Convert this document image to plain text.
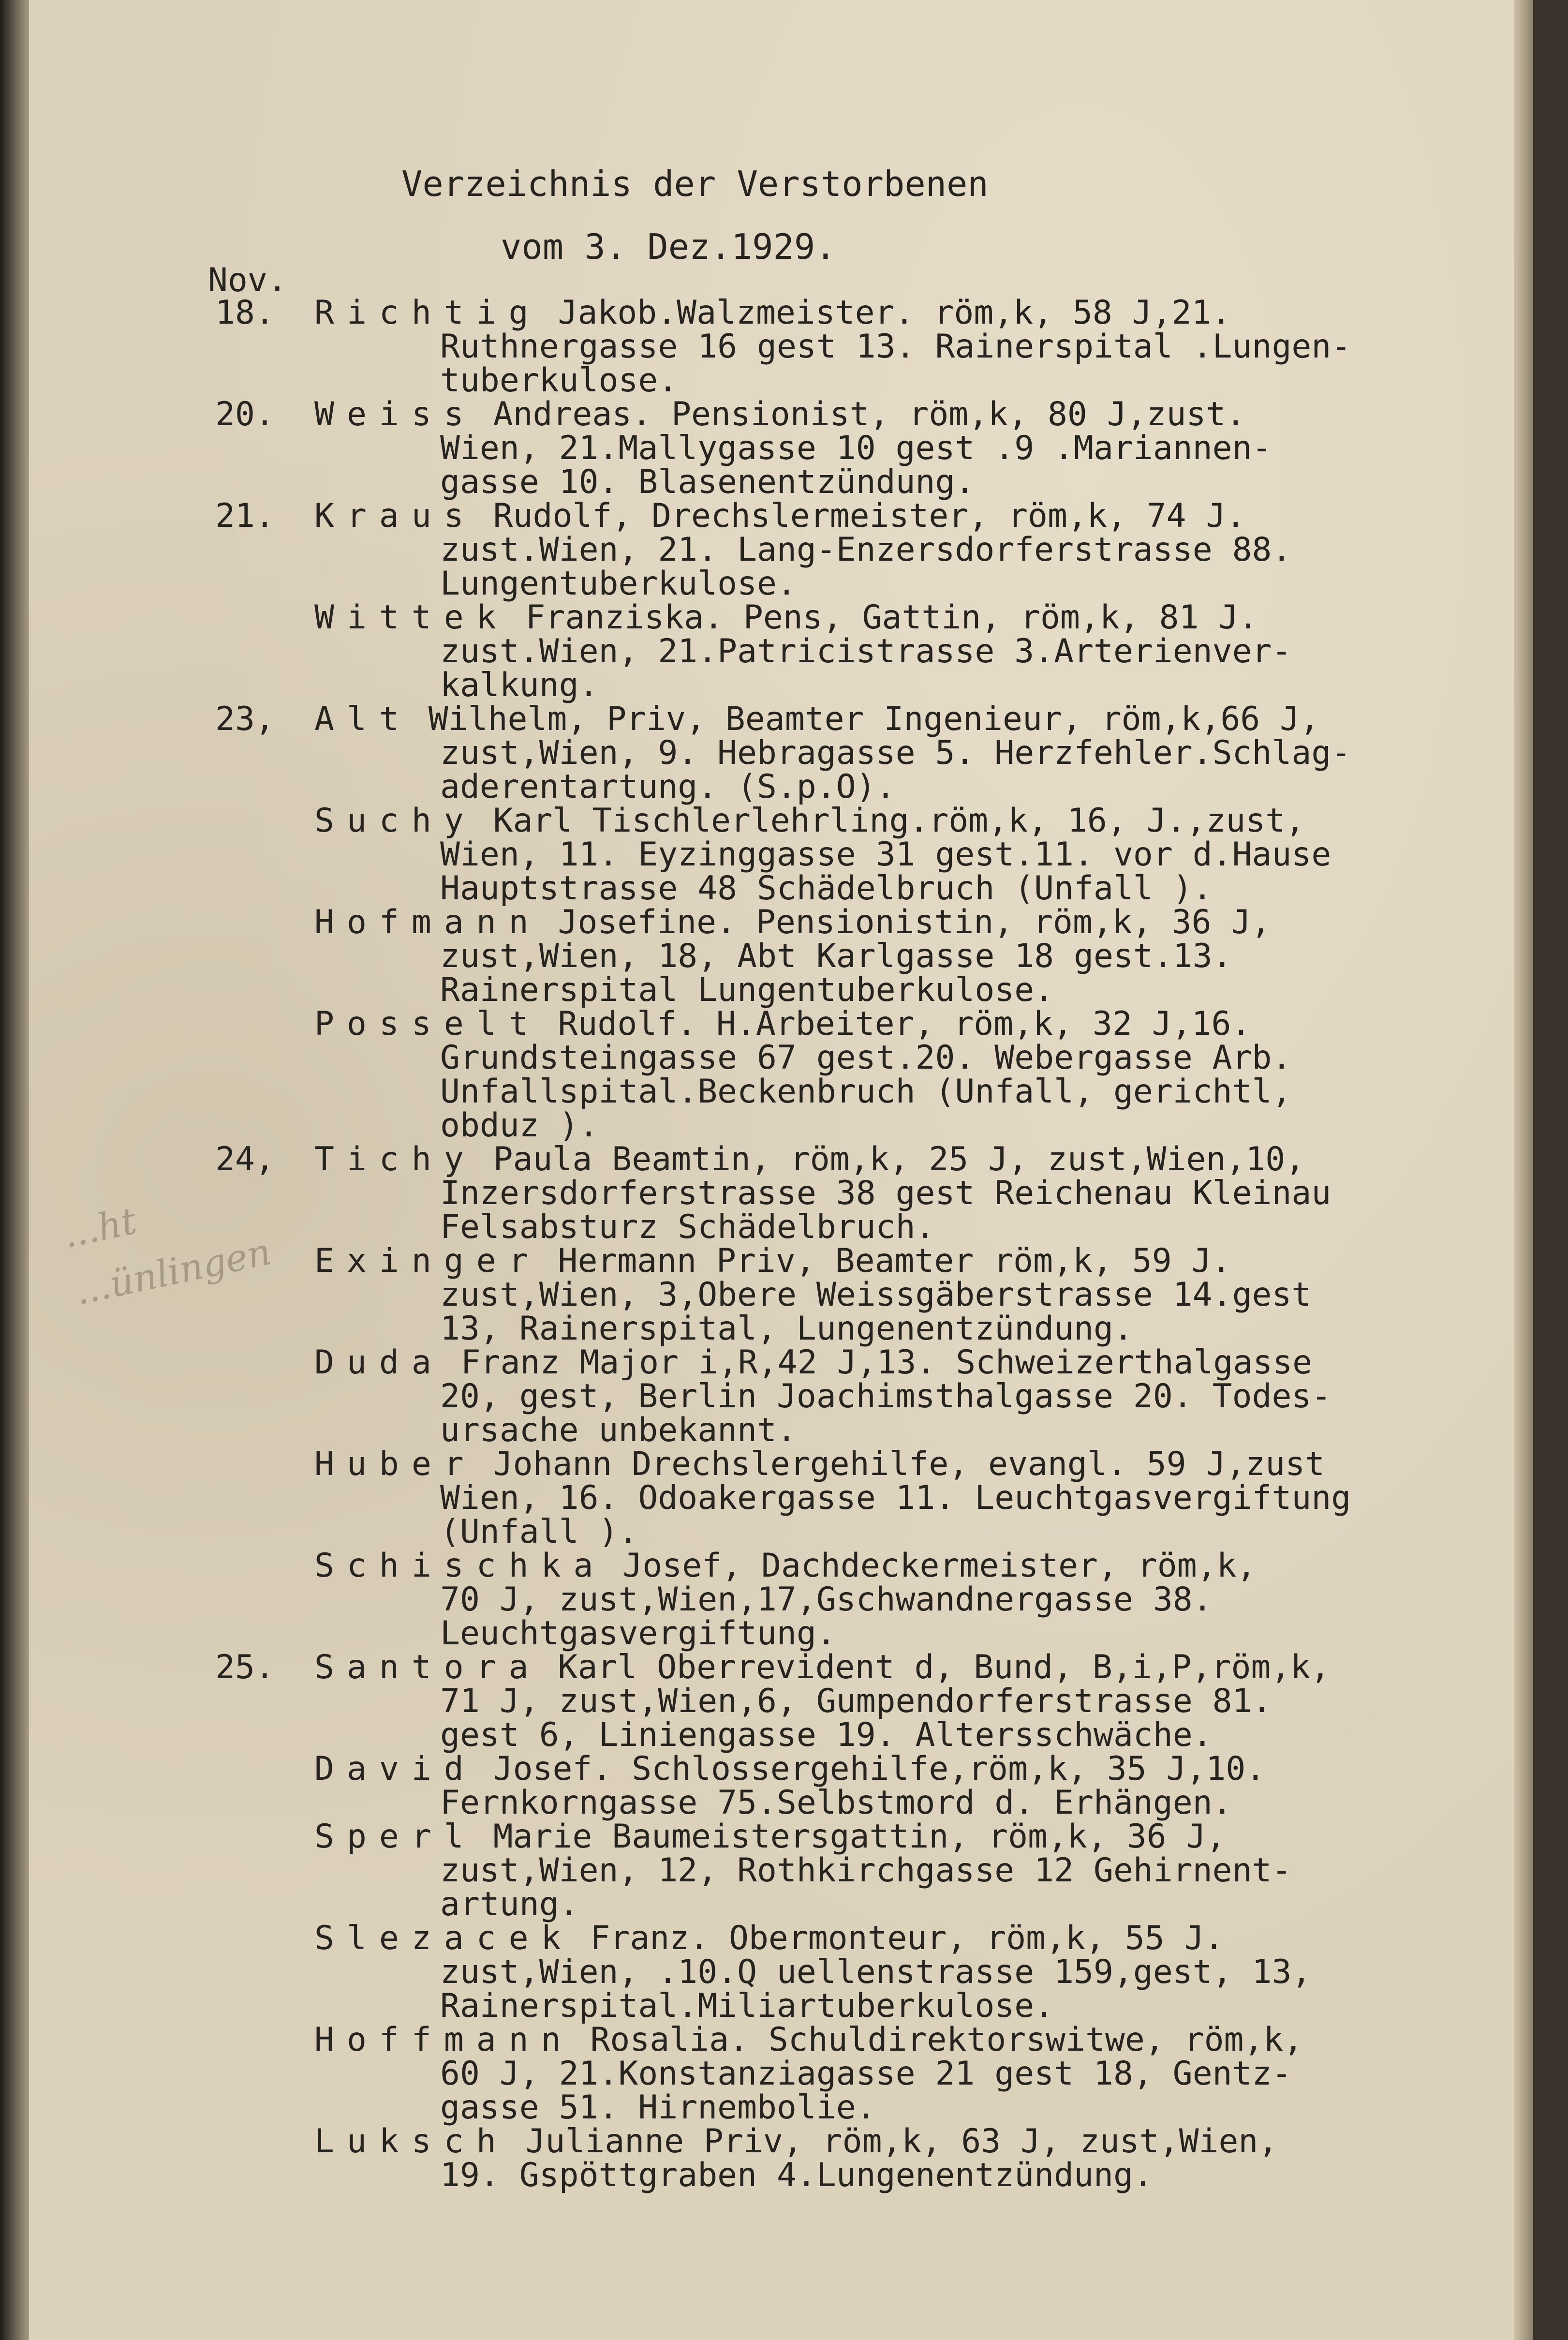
Verzeichnis der Verstorbenen
vom 3. Dez.1929.
Nov.
18. Richtig Jakob.Walzmeister. röm,k, 58 J,21.
Ruthnergasse 16 gest 13. Rainerspital .Lungen-
tuberkulose.
20. Weiss Andreas. Pensionist, röm,k, 80 J,zust.
Wien, 21.Mallygasse 10 gest .9 .Mariannen-
gasse 10. Blasenentzündung.
21. Kraus Rudolf, Drechslermeister, röm,k, 74 J.
zust.Wien, 21. Lang-Enzersdorferstrasse 88.
Lungentuberkulose.
Wittek Franziska. Pens, Gattin, röm,k, 81 J.
zust.Wien, 21.Patricistrasse 3.Arterienver-
kalkung.
23, Alt Wilhelm, Priv, Beamter Ingenieur, röm,k,66 J,
zust,Wien, 9. Hebragasse 5. Herzfehler.Schlag-
aderentartung. (S.p.O).
Suchy Karl Tischlerlehrling.röm,k, 16, J.,zust,
Wien, 11. Eyzinggasse 31 gest.11. vor d.Hause
Hauptstrasse 48 Schädelbruch (Unfall ).
Hofmann Josefine. Pensionistin, röm,k, 36 J,
zust,Wien, 18, Abt Karlgasse 18 gest.13.
Rainerspital Lungentuberkulose.
Posselt Rudolf. H.Arbeiter, röm,k, 32 J,16.
Grundsteingasse 67 gest.20. Webergasse Arb.
Unfallspital.Beckenbruch (Unfall, gerichtl,
obduz ).
24, Tichy Paula Beamtin, röm,k, 25 J, zust,Wien,10,
Inzersdorferstrasse 38 gest Reichenau Kleinau
Felsabsturz Schädelbruch.
Exinger Hermann Priv, Beamter röm,k, 59 J.
zust,Wien, 3,Obere Weissgäberstrasse 14.gest
13, Rainerspital, Lungenentzündung.
Duda Franz Major i,R,42 J,13. Schweizerthalgasse
20, gest, Berlin Joachimsthalgasse 20. Todes-
ursache unbekannt.
Huber Johann Drechslergehilfe, evangl. 59 J,zust
Wien, 16. Odoakergasse 11. Leuchtgasvergiftung
(Unfall ).
Schischka Josef, Dachdeckermeister, röm,k,
70 J, zust,Wien,17,Gschwandnergasse 38.
Leuchtgasvergiftung.
25. Santora Karl Oberrevident d, Bund, B,i,P,röm,k,
71 J, zust,Wien,6, Gumpendorferstrasse 81.
gest 6, Liniengasse 19. Altersschwäche.
David Josef. Schlossergehilfe,röm,k, 35 J,10.
Fernkorngasse 75.Selbstmord d. Erhängen.
Sperl Marie Baumeistersgattin, röm,k, 36 J,
zust,Wien, 12, Rothkirchgasse 12 Gehirnent-
artung.
Slezacek Franz. Obermonteur, röm,k, 55 J.
zust,Wien, .10.Q uellenstrasse 159,gest, 13,
Rainerspital.Miliartuberkulose.
Hoffmann Rosalia. Schuldirektorswitwe, röm,k,
60 J, 21.Konstanziagasse 21 gest 18, Gentz-
gasse 51. Hirnembolie.
Luksch Julianne Priv, röm,k, 63 J, zust,Wien,
19. Gspöttgraben 4.Lungenentzündung.
...ht
...ünlingen
